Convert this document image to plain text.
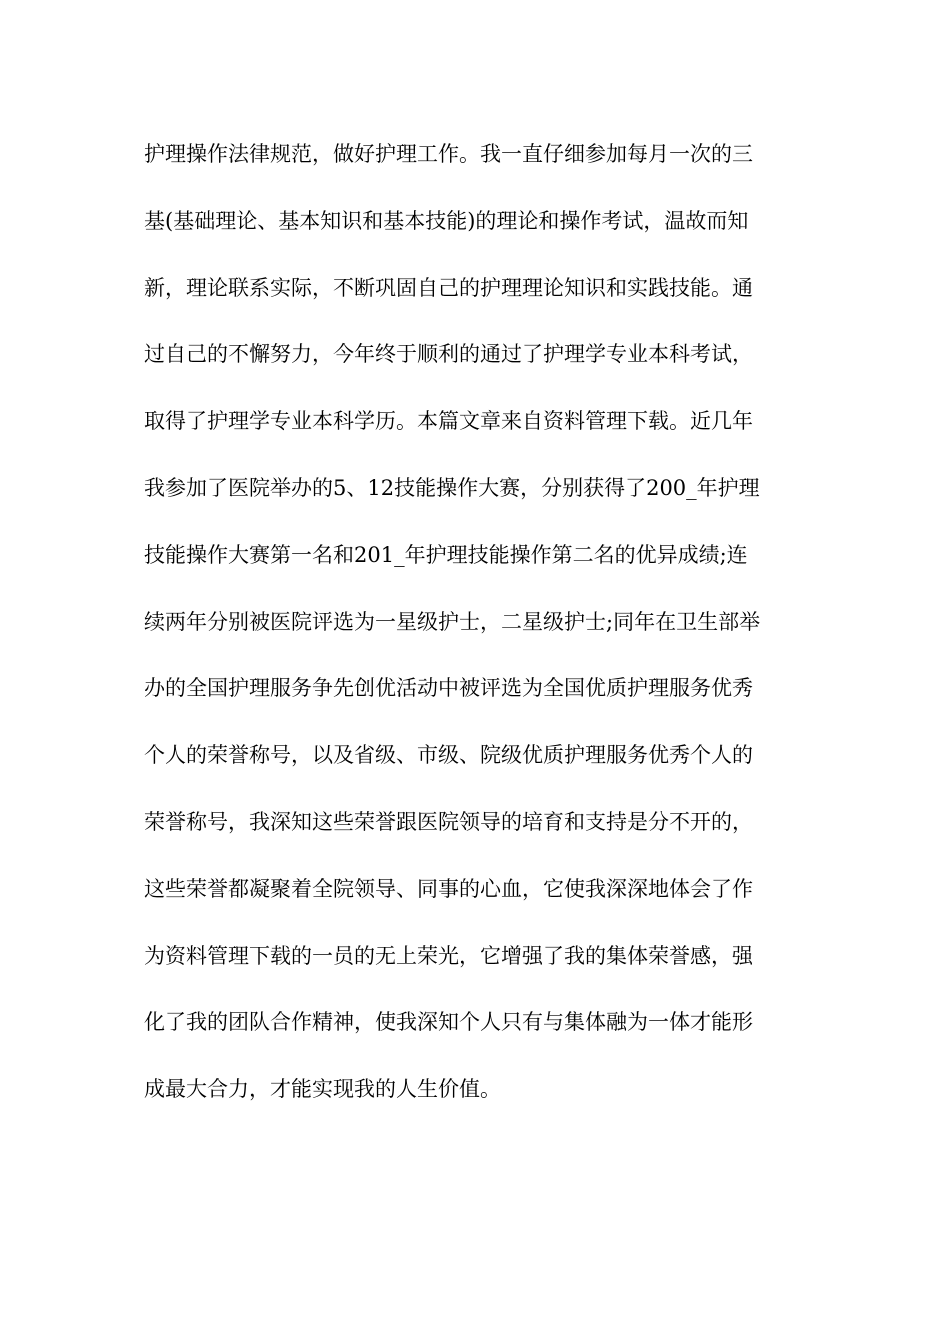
护理操作法律规范，做好护理工作。我一直仔细参加每月一次的三
基(基础理论、基本知识和基本技能)的理论和操作考试，温故而知
新，理论联系实际，不断巩固自己的护理理论知识和实践技能。通
过自己的不懈努力，今年终于顺利的通过了护理学专业本科考试，
取得了护理学专业本科学历。本篇文章来自资料管理下载。近几年
我参加了医院举办的5、12技能操作大赛，分别获得了200_年护理
技能操作大赛第一名和201_年护理技能操作第二名的优异成绩;连
续两年分别被医院评选为一星级护士，二星级护士;同年在卫生部举
办的全国护理服务争先创优活动中被评选为全国优质护理服务优秀
个人的荣誉称号，以及省级、市级、院级优质护理服务优秀个人的
荣誉称号，我深知这些荣誉跟医院领导的培育和支持是分不开的，
这些荣誉都凝聚着全院领导、同事的心血，它使我深深地体会了作
为资料管理下载的一员的无上荣光，它增强了我的集体荣誉感，强
化了我的团队合作精神，使我深知个人只有与集体融为一体才能形
成最大合力，才能实现我的人生价值。
